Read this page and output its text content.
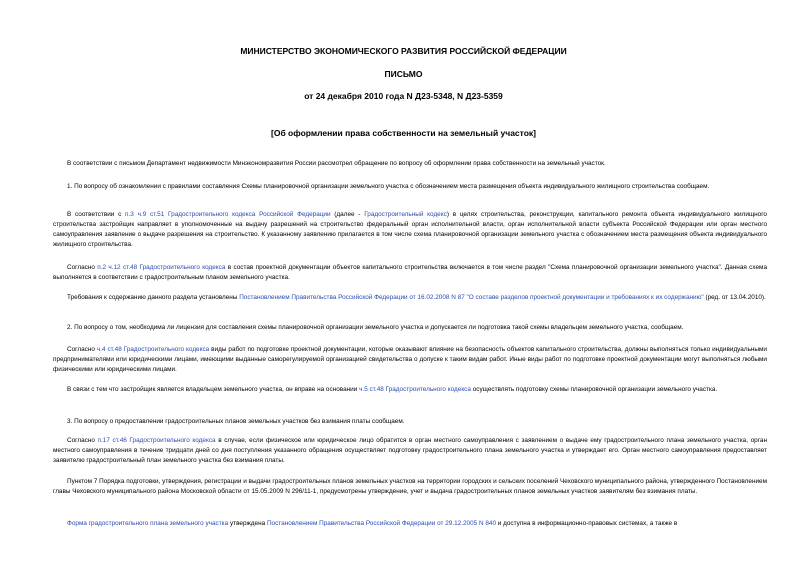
МИНИСТЕРСТВО ЭКОНОМИЧЕСКОГО РАЗВИТИЯ РОССИЙСКОЙ ФЕДЕРАЦИИ
ПИСЬМО
от 24 декабря 2010 года N Д23-5348, N Д23-5359
[Об оформлении права собственности на земельный участок]
В соответствии с письмом Департамент недвижимости Минэкономразвития России рассмотрел обращение по вопросу об оформлении права собственности на земельный участок.
1. По вопросу об ознакомлении с правилами составления Схемы планировочной организации земельного участка с обозначением места размещения объекта индивидуального жилищного строительства сообщаем.
В соответствии с п.3 ч.9 ст.51 Градостроительного кодекса Российской Федерации (далее - Градостроительный кодекс) в целях строительства, реконструкции, капитального ремонта объекта индивидуального жилищного строительства застройщик направляет в уполномоченные на выдачу разрешений на строительство федеральный орган исполнительной власти, орган исполнительной власти субъекта Российской Федерации или орган местного самоуправления заявление о выдаче разрешения на строительство. К указанному заявлению прилагается в том числе схема планировочной организации земельного участка с обозначением места размещения объекта индивидуального жилищного строительства.
Согласно п.2 ч.12 ст.48 Градостроительного кодекса в состав проектной документации объектов капитального строительства включается в том числе раздел "Схема планировочной организации земельного участка". Данная схема выполняется в соответствии с градостроительным планом земельного участка.
Требования к содержанию данного раздела установлены Постановлением Правительства Российской Федерации от 16.02.2008 N 87 "О составе разделов проектной документации и требованиях к их содержанию" (ред. от 13.04.2010).
2. По вопросу о том, необходима ли лицензия для составления схемы планировочной организации земельного участка и допускается ли подготовка такой схемы владельцем земельного участка, сообщаем.
Согласно ч.4 ст.48 Градостроительного кодекса виды работ по подготовке проектной документации, которые оказывают влияние на безопасность объектов капитального строительства, должны выполняться только индивидуальными предпринимателями или юридическими лицами, имеющими выданные саморегулируемой организацией свидетельства о допуске к таким видам работ. Иные виды работ по подготовке проектной документации могут выполняться любыми физическими или юридическими лицами.
В связи с тем что застройщик является владельцем земельного участка, он вправе на основании ч.5 ст.48 Градостроительного кодекса осуществлять подготовку схемы планировочной организации земельного участка.
3. По вопросу о предоставлении градостроительных планов земельных участков без взимания платы сообщаем.
Согласно п.17 ст.46 Градостроительного кодекса в случае, если физическое или юридическое лицо обратится в орган местного самоуправления с заявлением о выдаче ему градостроительного плана земельного участка, орган местного самоуправления в течение тридцати дней со дня поступления указанного обращения осуществляет подготовку градостроительного плана земельного участка и утверждает его. Орган местного самоуправления предоставляет заявителю градостроительный план земельного участка без взимания платы.
Пунктом 7 Порядка подготовки, утверждения, регистрации и выдачи градостроительных планов земельных участков на территории городских и сельских поселений Чеховского муниципального района, утвержденного Постановлением главы Чеховского муниципального района Московской области от 15.05.2009 N 296/11-1, предусмотрены утверждение, учет и выдача градостроительных планов земельных участков заявителям без взимания платы.
Форма градостроительного плана земельного участка утверждена Постановлением Правительства Российской Федерации от 29.12.2005 N 840 и доступна в информационно-правовых системах, а также в
